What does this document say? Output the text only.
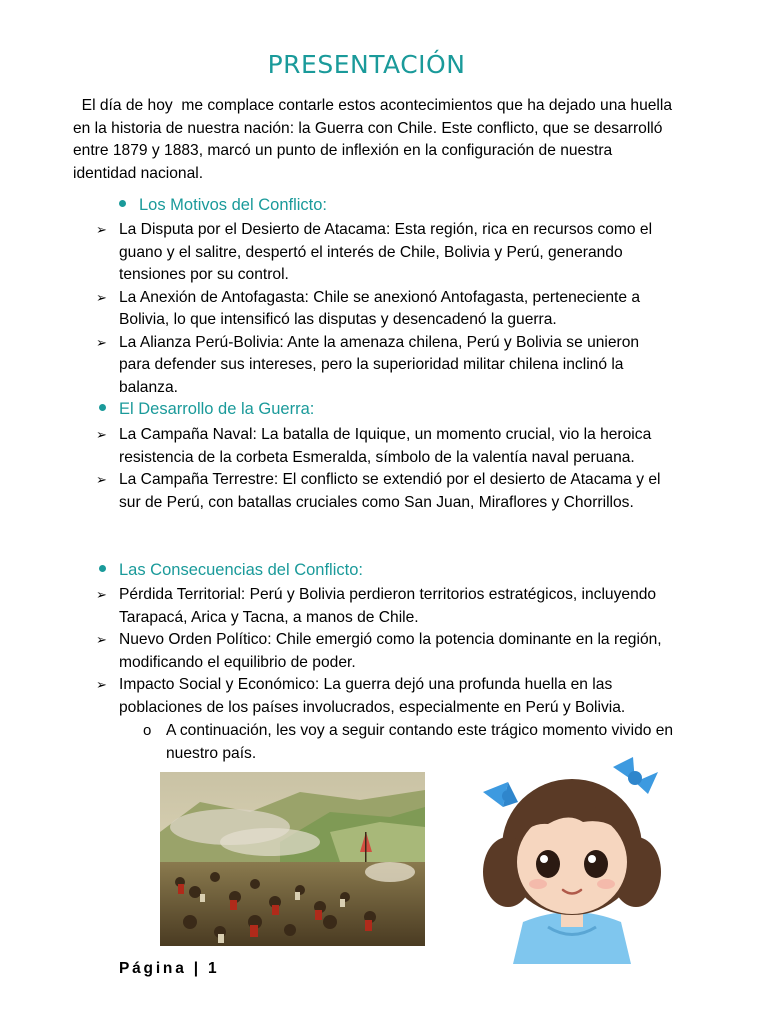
PRESENTACIÓN

El día de hoy  me complace contarle estos acontecimientos que ha dejado una huella en la historia de nuestra nación: la Guerra con Chile. Este conflicto, que se desarrolló entre 1879 y 1883, marcó un punto de inflexión en la configuración de nuestra identidad nacional.

Los Motivos del Conflicto:
➢ La Disputa por el Desierto de Atacama: Esta región, rica en recursos como el guano y el salitre, despertó el interés de Chile, Bolivia y Perú, generando tensiones por su control.
➢ La Anexión de Antofagasta: Chile se anexionó Antofagasta, perteneciente a Bolivia, lo que intensificó las disputas y desencadenó la guerra.
➢ La Alianza Perú-Bolivia: Ante la amenaza chilena, Perú y Bolivia se unieron para defender sus intereses, pero la superioridad militar chilena inclinó la balanza.
El Desarrollo de la Guerra:
➢ La Campaña Naval: La batalla de Iquique, un momento crucial, vio la heroica resistencia de la corbeta Esmeralda, símbolo de la valentía naval peruana.
➢ La Campaña Terrestre: El conflicto se extendió por el desierto de Atacama y el sur de Perú, con batallas cruciales como San Juan, Miraflores y Chorrillos.
Las Consecuencias del Conflicto:
➢ Pérdida Territorial: Perú y Bolivia perdieron territorios estratégicos, incluyendo Tarapacá, Arica y Tacna, a manos de Chile.
➢ Nuevo Orden Político: Chile emergió como la potencia dominante en la región, modificando el equilibrio de poder.
➢ Impacto Social y Económico: La guerra dejó una profunda huella en las poblaciones de los países involucrados, especialmente en Perú y Bolivia.
o A continuación, les voy a seguir contando este trágico momento vivido en nuestro país.
Página | 1
